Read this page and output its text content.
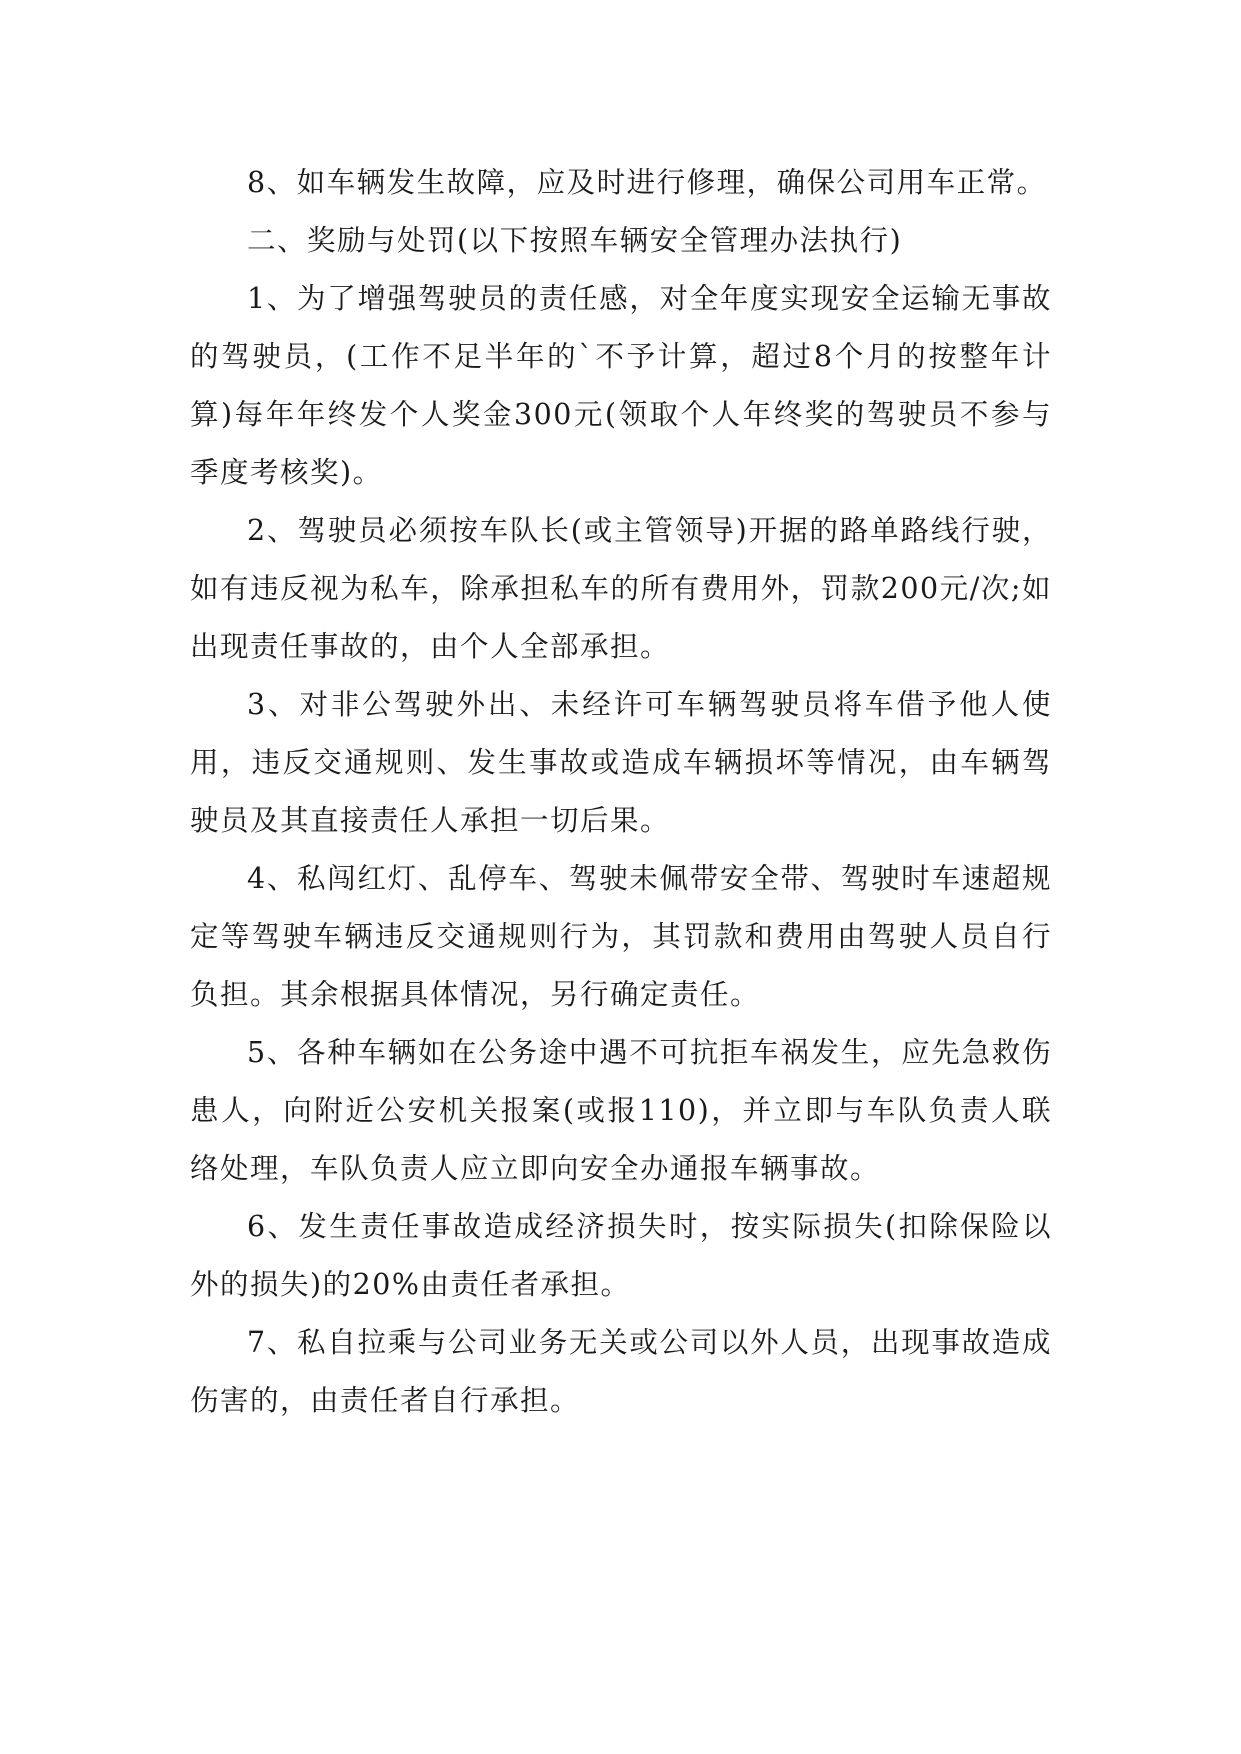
8、如车辆发生故障，应及时进行修理，确保公司用车正常。

二、奖励与处罚(以下按照车辆安全管理办法执行)

1、为了增强驾驶员的责任感，对全年度实现安全运输无事故的驾驶员，(工作不足半年的`不予计算，超过8个月的按整年计算)每年年终发个人奖金300元(领取个人年终奖的驾驶员不参与季度考核奖)。

2、驾驶员必须按车队长(或主管领导)开据的路单路线行驶，如有违反视为私车，除承担私车的所有费用外，罚款200元/次;如出现责任事故的，由个人全部承担。

3、对非公驾驶外出、未经许可车辆驾驶员将车借予他人使用，违反交通规则、发生事故或造成车辆损坏等情况，由车辆驾驶员及其直接责任人承担一切后果。

4、私闯红灯、乱停车、驾驶未佩带安全带、驾驶时车速超规定等驾驶车辆违反交通规则行为，其罚款和费用由驾驶人员自行负担。其余根据具体情况，另行确定责任。

5、各种车辆如在公务途中遇不可抗拒车祸发生，应先急救伤患人，向附近公安机关报案(或报110)，并立即与车队负责人联络处理，车队负责人应立即向安全办通报车辆事故。

6、发生责任事故造成经济损失时，按实际损失(扣除保险以外的损失)的20%由责任者承担。

7、私自拉乘与公司业务无关或公司以外人员，出现事故造成伤害的，由责任者自行承担。
